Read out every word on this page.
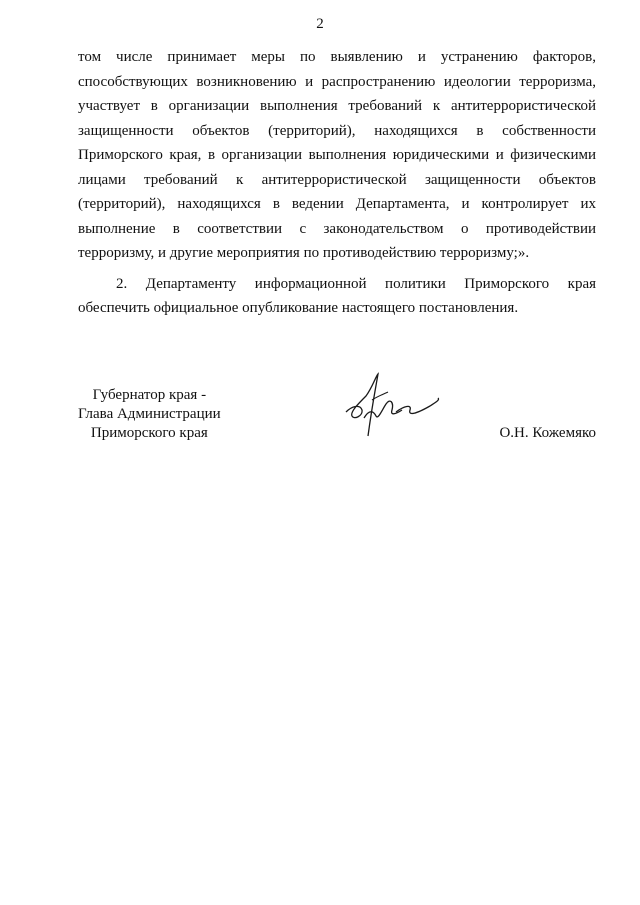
2
том числе принимает меры по выявлению и устранению факторов,
способствующих возникновению и распространению идеологии терроризма,
участвует в организации выполнения требований к антитеррористической
защищенности объектов (территорий), находящихся в собственности
Приморского края, в организации выполнения юридическими и физическими
лицами требований к антитеррористической защищенности объектов
(территорий), находящихся в ведении Департамента, и контролирует их
выполнение в соответствии с законодательством о противодействии
терроризму, и другие мероприятия по противодействию терроризму;».
2. Департаменту информационной политики Приморского края
обеспечить официальное опубликование настоящего постановления.
Губернатор края -
Глава Администрации
Приморского края	О.Н. Кожемяко
